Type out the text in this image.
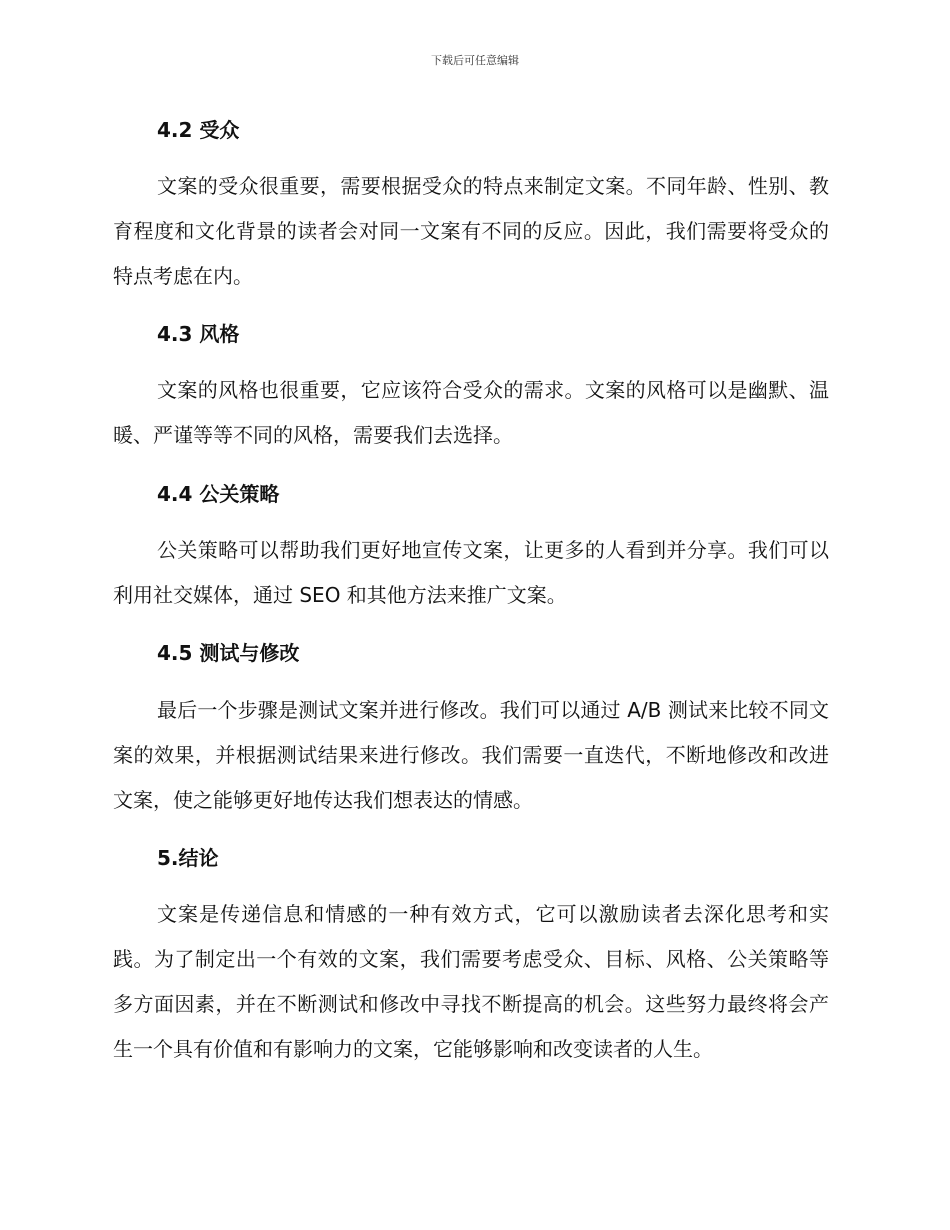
下载后可任意编辑
4.2 受众
文案的受众很重要，需要根据受众的特点来制定文案。不同年龄、性别、教育程度和文化背景的读者会对同一文案有不同的反应。因此，我们需要将受众的特点考虑在内。
4.3 风格
文案的风格也很重要，它应该符合受众的需求。文案的风格可以是幽默、温暖、严谨等等不同的风格，需要我们去选择。
4.4 公关策略
公关策略可以帮助我们更好地宣传文案，让更多的人看到并分享。我们可以利用社交媒体，通过 SEO 和其他方法来推广文案。
4.5 测试与修改
最后一个步骤是测试文案并进行修改。我们可以通过 A/B 测试来比较不同文案的效果，并根据测试结果来进行修改。我们需要一直迭代，不断地修改和改进文案，使之能够更好地传达我们想表达的情感。
5.结论
文案是传递信息和情感的一种有效方式，它可以激励读者去深化思考和实践。为了制定出一个有效的文案，我们需要考虑受众、目标、风格、公关策略等多方面因素，并在不断测试和修改中寻找不断提高的机会。这些努力最终将会产生一个具有价值和有影响力的文案，它能够影响和改变读者的人生。
